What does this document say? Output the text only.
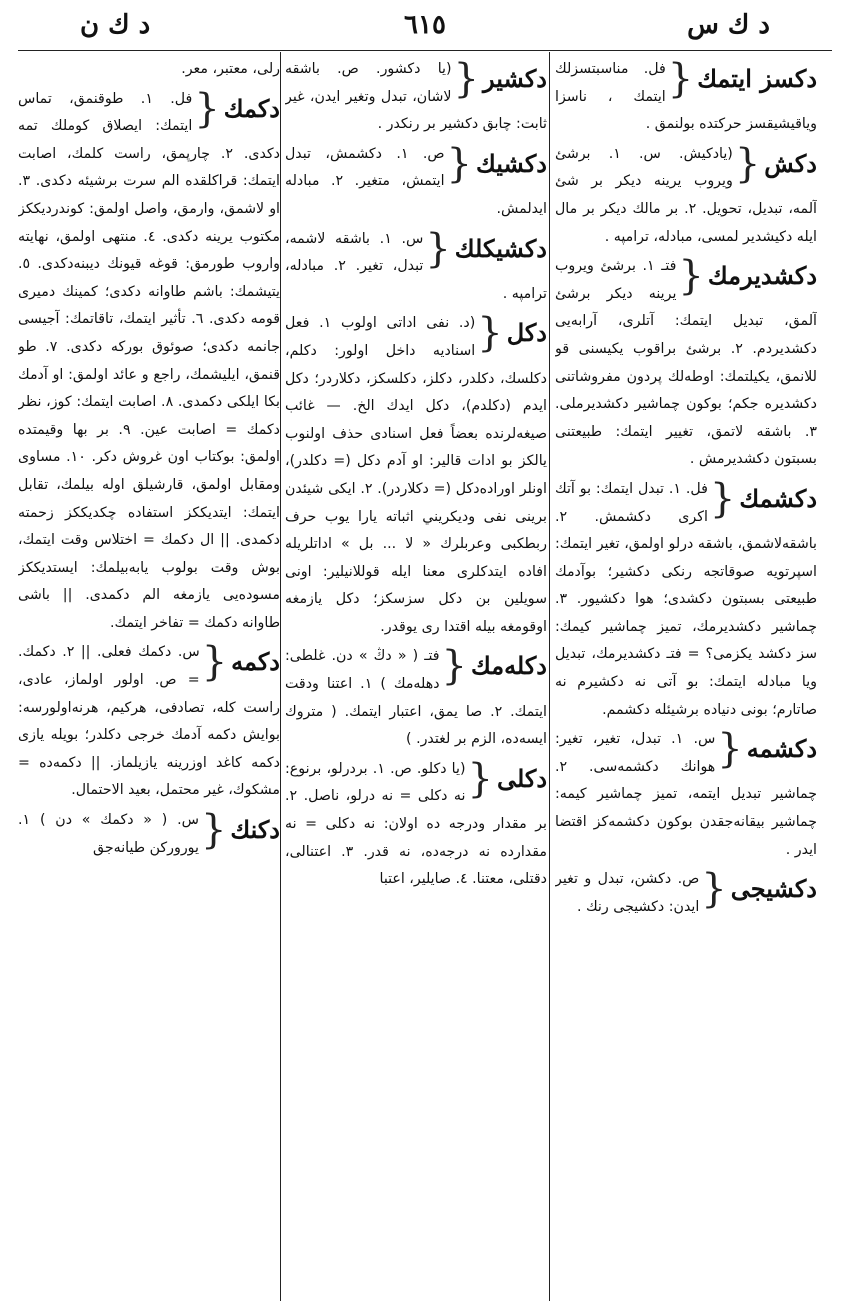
د ك ن	٦١٥	د ك س
دكسز ايتمك
{
فل. مناسبتسزلك ايتمك ، ناسزا وياقيشيقسز حركتده بولنمق .
دكش
{
(يادكيش. س. ١. برشئ ويروب يرينه ديكر بر شئ آلمه، تبديل، تحويل. ٢. بر مالك ديكر بر مال ايله دكيشدير لمسى، مبادله، ترامپه .
دكشديرمك
{
فتـ ١. برشئ ويروب يرينه ديكر برشئ آلمق، تبديل ايتمك: آتلرى، آرابه‌يى دكشديردم. ٢. برشئ براقوب يكيسنى قو للانمق، يكيلتمك: اوطه‌لك پردون مفروشاتنى دكشديره جكم؛ بوكون چماشير دكشديرملى. ٣. باشقه لاتمق، تغيير ايتمك: طبيعتنى بسبتون دكشديرمش .
دكشمك
{
فل. ١. تبدل ايتمك: بو آتك اكرى دكشمش. ٢. باشقه‌لاشمق، باشقه درلو اولمق، تغير ايتمك: اسپرتويه صوقاتجه رنكى دكشير؛ بوآدمك طبيعتى بسبتون دكشدى؛ هوا دكشيور. ٣. چماشير دكشديرمك، تميز چماشير كيمك: سز دكشد يكزمى؟ = فتـ دكشديرمك، تبديل ويا مبادله ايتمك: بو آتى نه دكشيرم نه صاتارم؛ بونى دنياده برشيئله دكشمم.
دكشمه
{
س. ١. تبدل، تغير، تغير: هوانك دكشمه‌سى. ٢. چماشير تبديل ايتمه، تميز چماشير كيمه: چماشير بيقانه‌جقدن بوكون دكشمه‌كز اقتضا ايدر .
دكشيجى
{
ص. دكشن، تبدل و تغير ايدن: دكشيجى رنك .
دكشير
{
(يا دكشور. ص. باشقه لاشان، تبدل وتغير ايدن، غير ثابت: چابق دكشير بر رنكدر .
دكشيك
{
ص. ١. دكشمش، تبدل ايتمش، متغير. ٢. مبادله ايدلمش.
دكشيكلك
{
س. ١. باشقه لاشمه، تبدل، تغير. ٢. مبادله، ترامپه .
دكل
{
(د. نفى اداتى اولوب ١. فعل اسناديه داخل اولور: دكلم، دكلسك، دكلدر، دكلز، دكلسكز، دكلاردر؛ دكل ايدم (دكلدم)، دكل ايدك الخ. — غائب صيغه‌لرنده بعضاً فعل اسنادى حذف اولنوب يالكز بو ادات قالير: او آدم دكل (= دكلدر)، اونلر اورادەدكل (= دكلاردر). ٢. ايكى شيئدن برينى نفى وديكريني اثباته يارا يوب حرف ربطكبى وعربلرك « لا ... بل » اداتلريله افاده ايتدكلرى معنا ايله قوللانيلير: اونى سويلين بن دكل سزسكز؛ دكل يازمغه اوقومغه بيله اقتدا رى يوقدر.
دكله‌مك
{
فتـ ( « دڭ » دن. غلطى: دهله‌مك ) ١. اعتنا ودقت ايتمك. ٢. صا يمق، اعتبار ايتمك. ( متروك ايسەده، الزم بر لغتدر. )
دكلى
{
(يا دكلو. ص. ١. بردرلو، برنوع: نه دكلى = نه درلو، ناصل. ٢. بر مقدار ودرجه ده اولان: نه دكلى = نه مقدارده نه درجه‌ده، نه قدر. ٣. اعتنالى، دقتلى، معتنا. ٤. صايلير، اعتبا
رلى، معتبر، معر.
دكمك
{
فل. ١. طوقنمق، تماس ايتمك: ايصلاق كوملك تمه دكدى. ٢. چارپمق، راست كلمك، اصابت ايتمك: قراكلقده الم سرت برشيئه دكدى. ٣. او لاشمق، وارمق، واصل اولمق: كوندرديككز مكتوب يرينه دكدى. ٤. منتهى اولمق، نهايته واروب طورمق: قوغه قيونك ديبنه‌دكدى. ٥. يتيشمك: باشم طاوانه دكدى؛ كمينك دميرى قومه دكدى. ٦. تأثير ايتمك، تاقاتمك: آجيسى جانمه دكدى؛ صوئوق بوركه دكدى. ٧. طو قنمق، ايليشمك، راجع و عائد اولمق: او آدمك بكا ايلكى دكمدى. ٨. اصابت ايتمك: كوز، نظر دكمك = اصابت عين. ٩. بر بها وقيمتده اولمق: بوكتاب اون غروش دكر. ١٠. مساوى ومقابل اولمق، قارشيلق اولە بيلمك، تقابل ايتمك: ايتديككز استفاده چكديككز زحمته دكمدى. || ال دكمك = اختلاس وقت ايتمك، بوش وقت بولوب يابه‌بيلمك: ايستديككز مسوده‌يى يازمغه الم دكمدى. || باشى طاوانه دكمك = تفاخر ايتمك.
دكمه
{
س. دكمك فعلى. || ٢. دكمك. = ص. اولور اولماز، عادى، راست كله، تصادفى، هركيم، هرنه‌اولورسه: بوايش دكمه آدمك خرجى دكلدر؛ بويله يازى دكمه كاغد اوزرينه يازيلماز. || دكمه‌ده = مشكوك، غير محتمل، بعيد الاحتمال.
دكنك
{
س. ( « دكمك » دن ) ١. يورورکن طيانه‌جق
